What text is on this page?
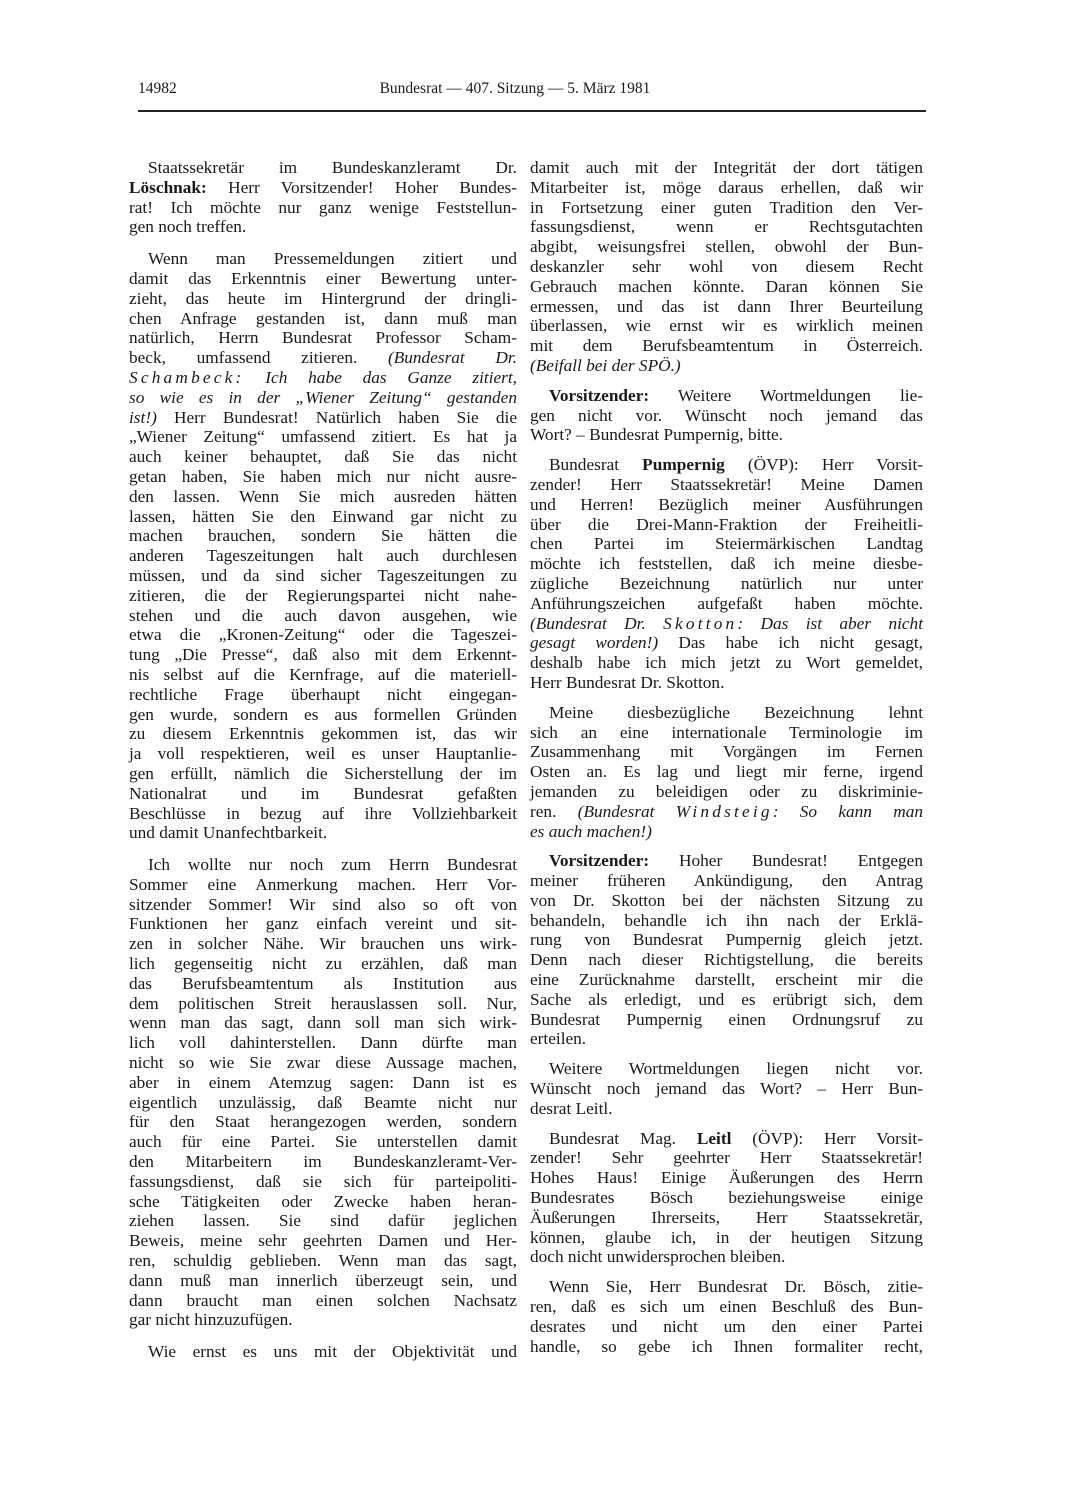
14982	Bundesrat — 407. Sitzung — 5. März 1981
Staatssekretär im Bundeskanzleramt Dr.
Löschnak: Herr Vorsitzender! Hoher Bundes-
rat! Ich möchte nur ganz wenige Feststellun-
gen noch treffen.
Wenn man Pressemeldungen zitiert und
damit das Erkenntnis einer Bewertung unter-
zieht, das heute im Hintergrund der dringli-
chen Anfrage gestanden ist, dann muß man
natürlich, Herrn Bundesrat Professor Scham-
beck, umfassend zitieren. (Bundesrat Dr.
Schambeck: Ich habe das Ganze zitiert,
so wie es in der „Wiener Zeitung“ gestanden
ist!) Herr Bundesrat! Natürlich haben Sie die
„Wiener Zeitung“ umfassend zitiert. Es hat ja
auch keiner behauptet, daß Sie das nicht
getan haben, Sie haben mich nur nicht ausre-
den lassen. Wenn Sie mich ausreden hätten
lassen, hätten Sie den Einwand gar nicht zu
machen brauchen, sondern Sie hätten die
anderen Tageszeitungen halt auch durchlesen
müssen, und da sind sicher Tageszeitungen zu
zitieren, die der Regierungspartei nicht nahe-
stehen und die auch davon ausgehen, wie
etwa die „Kronen-Zeitung“ oder die Tageszei-
tung „Die Presse“, daß also mit dem Erkennt-
nis selbst auf die Kernfrage, auf die materiell-
rechtliche Frage überhaupt nicht eingegan-
gen wurde, sondern es aus formellen Gründen
zu diesem Erkenntnis gekommen ist, das wir
ja voll respektieren, weil es unser Hauptanlie-
gen erfüllt, nämlich die Sicherstellung der im
Nationalrat und im Bundesrat gefaßten
Beschlüsse in bezug auf ihre Vollziehbarkeit
und damit Unanfechtbarkeit.
Ich wollte nur noch zum Herrn Bundesrat
Sommer eine Anmerkung machen. Herr Vor-
sitzender Sommer! Wir sind also so oft von
Funktionen her ganz einfach vereint und sit-
zen in solcher Nähe. Wir brauchen uns wirk-
lich gegenseitig nicht zu erzählen, daß man
das Berufsbeamtentum als Institution aus
dem politischen Streit herauslassen soll. Nur,
wenn man das sagt, dann soll man sich wirk-
lich voll dahinterstellen. Dann dürfte man
nicht so wie Sie zwar diese Aussage machen,
aber in einem Atemzug sagen: Dann ist es
eigentlich unzulässig, daß Beamte nicht nur
für den Staat herangezogen werden, sondern
auch für eine Partei. Sie unterstellen damit
den Mitarbeitern im Bundeskanzleramt-Ver-
fassungsdienst, daß sie sich für parteipoliti-
sche Tätigkeiten oder Zwecke haben heran-
ziehen lassen. Sie sind dafür jeglichen
Beweis, meine sehr geehrten Damen und Her-
ren, schuldig geblieben. Wenn man das sagt,
dann muß man innerlich überzeugt sein, und
dann braucht man einen solchen Nachsatz
gar nicht hinzuzufügen.
Wie ernst es uns mit der Objektivität und
damit auch mit der Integrität der dort tätigen
Mitarbeiter ist, möge daraus erhellen, daß wir
in Fortsetzung einer guten Tradition den Ver-
fassungsdienst, wenn er Rechtsgutachten
abgibt, weisungsfrei stellen, obwohl der Bun-
deskanzler sehr wohl von diesem Recht
Gebrauch machen könnte. Daran können Sie
ermessen, und das ist dann Ihrer Beurteilung
überlassen, wie ernst wir es wirklich meinen
mit dem Berufsbeamtentum in Österreich.
(Beifall bei der SPÖ.)
Vorsitzender: Weitere Wortmeldungen lie-
gen nicht vor. Wünscht noch jemand das
Wort? – Bundesrat Pumpernig, bitte.
Bundesrat Pumpernig (ÖVP): Herr Vorsit-
zender! Herr Staatssekretär! Meine Damen
und Herren! Bezüglich meiner Ausführungen
über die Drei-Mann-Fraktion der Freiheitli-
chen Partei im Steiermärkischen Landtag
möchte ich feststellen, daß ich meine diesbe-
zügliche Bezeichnung natürlich nur unter
Anführungszeichen aufgefaßt haben möchte.
(Bundesrat Dr. Skotton: Das ist aber nicht
gesagt worden!) Das habe ich nicht gesagt,
deshalb habe ich mich jetzt zu Wort gemeldet,
Herr Bundesrat Dr. Skotton.
Meine diesbezügliche Bezeichnung lehnt
sich an eine internationale Terminologie im
Zusammenhang mit Vorgängen im Fernen
Osten an. Es lag und liegt mir ferne, irgend
jemanden zu beleidigen oder zu diskriminie-
ren. (Bundesrat Windsteig: So kann man
es auch machen!)
Vorsitzender: Hoher Bundesrat! Entgegen
meiner früheren Ankündigung, den Antrag
von Dr. Skotton bei der nächsten Sitzung zu
behandeln, behandle ich ihn nach der Erklä-
rung von Bundesrat Pumpernig gleich jetzt.
Denn nach dieser Richtigstellung, die bereits
eine Zurücknahme darstellt, erscheint mir die
Sache als erledigt, und es erübrigt sich, dem
Bundesrat Pumpernig einen Ordnungsruf zu
erteilen.
Weitere Wortmeldungen liegen nicht vor.
Wünscht noch jemand das Wort? – Herr Bun-
desrat Leitl.
Bundesrat Mag. Leitl (ÖVP): Herr Vorsit-
zender! Sehr geehrter Herr Staatssekretär!
Hohes Haus! Einige Äußerungen des Herrn
Bundesrates Bösch beziehungsweise einige
Äußerungen Ihrerseits, Herr Staatssekretär,
können, glaube ich, in der heutigen Sitzung
doch nicht unwidersprochen bleiben.
Wenn Sie, Herr Bundesrat Dr. Bösch, zitie-
ren, daß es sich um einen Beschluß des Bun-
desrates und nicht um den einer Partei
handle, so gebe ich Ihnen formaliter recht,
